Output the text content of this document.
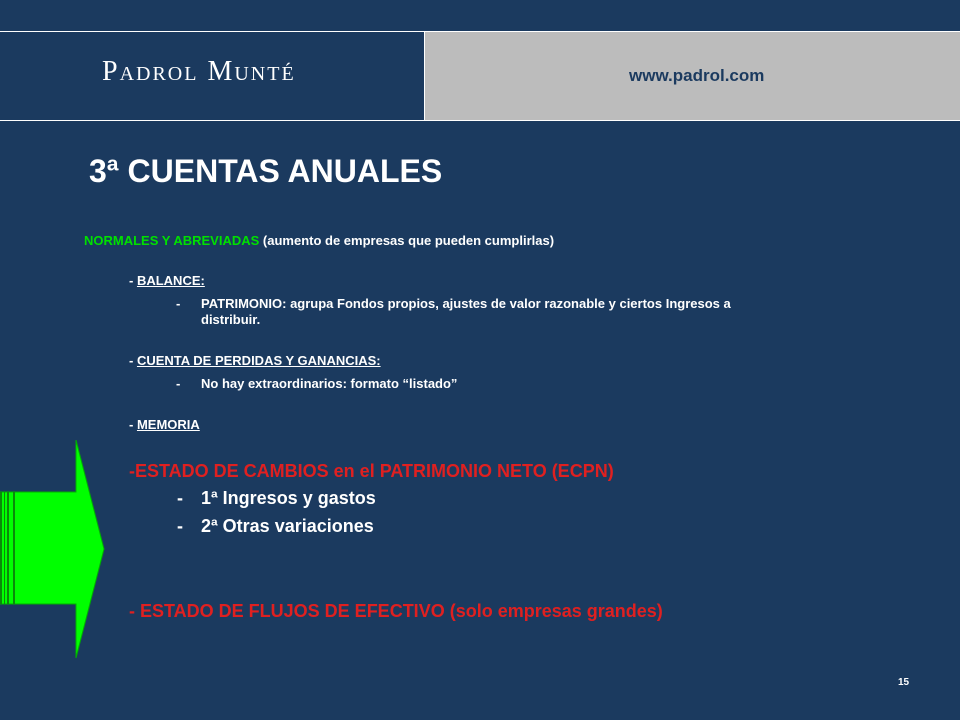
Padrol Munté	www.padrol.com
3ª CUENTAS ANUALES
NORMALES Y ABREVIADAS (aumento de empresas que pueden cumplirlas)
- BALANCE:
- PATRIMONIO: agrupa Fondos propios, ajustes de valor razonable y ciertos Ingresos a
distribuir.
- CUENTA DE PERDIDAS Y GANANCIAS:
- No hay extraordinarios: formato “listado”
- MEMORIA
-ESTADO DE CAMBIOS en el PATRIMONIO NETO (ECPN)
- 1ª Ingresos y gastos
- 2ª Otras variaciones
- ESTADO DE FLUJOS DE EFECTIVO (solo empresas grandes)
15
